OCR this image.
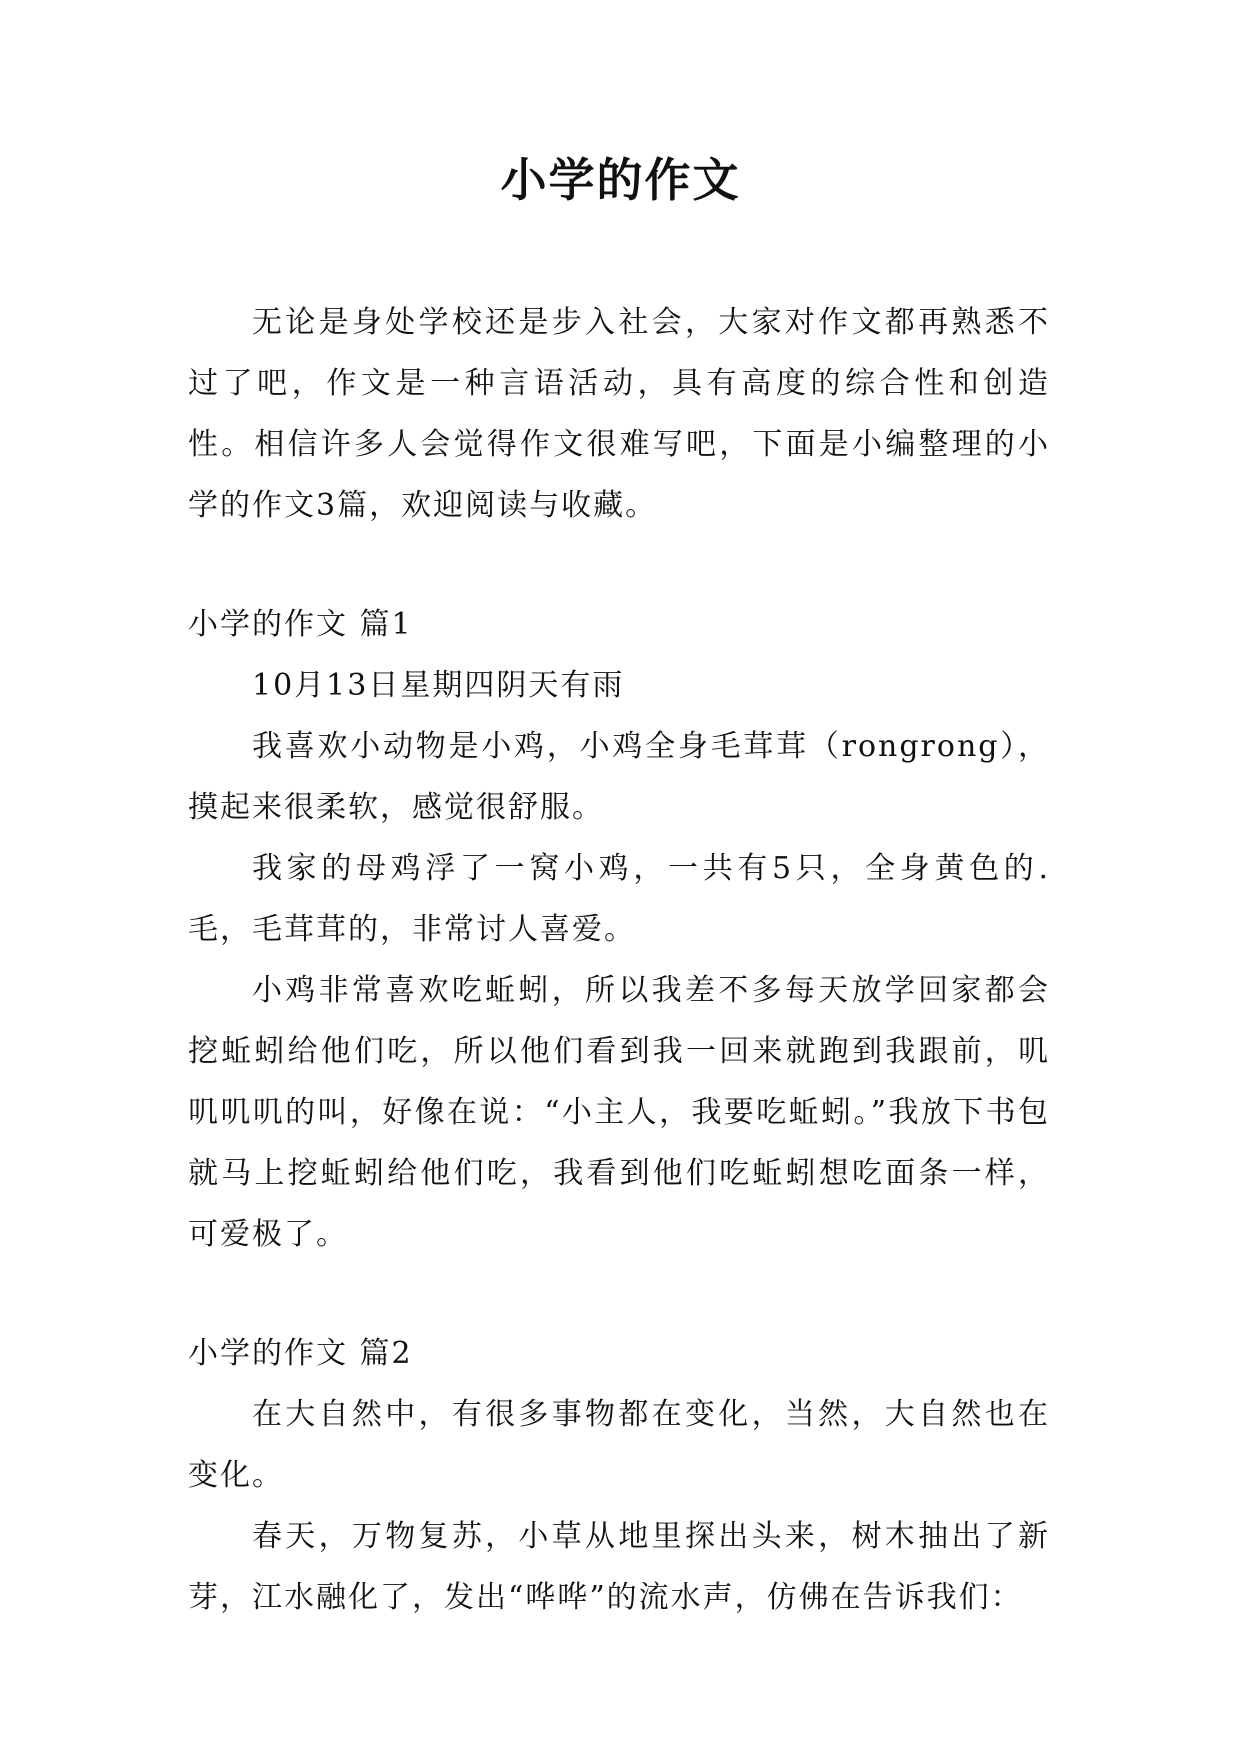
小学的作文

无论是身处学校还是步入社会，大家对作文都再熟悉不过了吧，作文是一种言语活动，具有高度的综合性和创造性。相信许多人会觉得作文很难写吧，下面是小编整理的小学的作文3篇，欢迎阅读与收藏。

小学的作文 篇1

10月13日星期四阴天有雨

我喜欢小动物是小鸡，小鸡全身毛茸茸（rongrong），摸起来很柔软，感觉很舒服。

我家的母鸡浮了一窝小鸡，一共有5只，全身黄色的.毛，毛茸茸的，非常讨人喜爱。

小鸡非常喜欢吃蚯蚓，所以我差不多每天放学回家都会挖蚯蚓给他们吃，所以他们看到我一回来就跑到我跟前，叽叽叽叽的叫，好像在说：“小主人，我要吃蚯蚓。”我放下书包就马上挖蚯蚓给他们吃，我看到他们吃蚯蚓想吃面条一样，可爱极了。

小学的作文 篇2

在大自然中，有很多事物都在变化，当然，大自然也在变化。

春天，万物复苏，小草从地里探出头来，树木抽出了新芽，江水融化了，发出“哗哗”的流水声，仿佛在告诉我们：
